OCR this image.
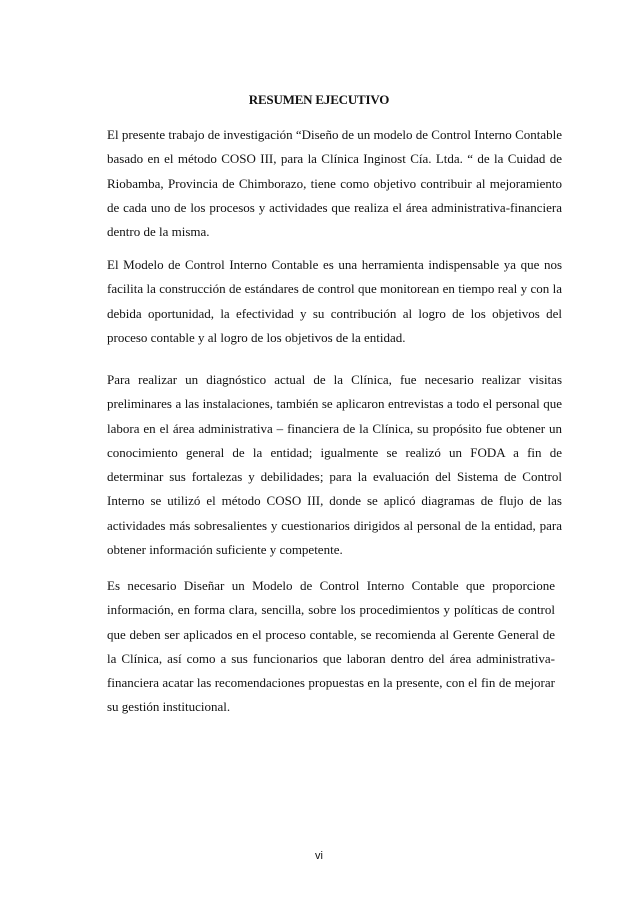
RESUMEN EJECUTIVO

El presente trabajo de investigación “Diseño de un modelo de Control Interno Contable basado en el método COSO III, para la Clínica Inginost Cía. Ltda. “ de la Cuidad de Riobamba, Provincia de Chimborazo, tiene como objetivo contribuir al mejoramiento de cada uno de los procesos y actividades que realiza el área administrativa-financiera dentro de la misma.

El Modelo de Control Interno Contable es una herramienta indispensable ya que nos facilita la construcción de estándares de control que monitorean en tiempo real y con la debida oportunidad, la efectividad y su contribución al logro de los objetivos del proceso contable y al logro de los objetivos de la entidad.

Para realizar un diagnóstico actual de la Clínica, fue necesario realizar visitas preliminares a las instalaciones, también se aplicaron entrevistas a todo el personal que labora en el área administrativa – financiera de la Clínica, su propósito fue obtener un conocimiento general de la entidad; igualmente se realizó un FODA a fin de determinar sus fortalezas y debilidades; para la evaluación del Sistema de Control Interno se utilizó el método COSO III, donde se aplicó diagramas de flujo de las actividades más sobresalientes y cuestionarios dirigidos al personal de la entidad, para obtener información suficiente y competente.

Es necesario Diseñar un Modelo de Control Interno Contable que proporcione información, en forma clara, sencilla, sobre los procedimientos y políticas de control que deben ser aplicados en el proceso contable, se recomienda al Gerente General de la Clínica, así como a sus funcionarios que laboran dentro del área administrativa-financiera acatar las recomendaciones propuestas en la presente, con el fin de mejorar su gestión institucional.

vi
